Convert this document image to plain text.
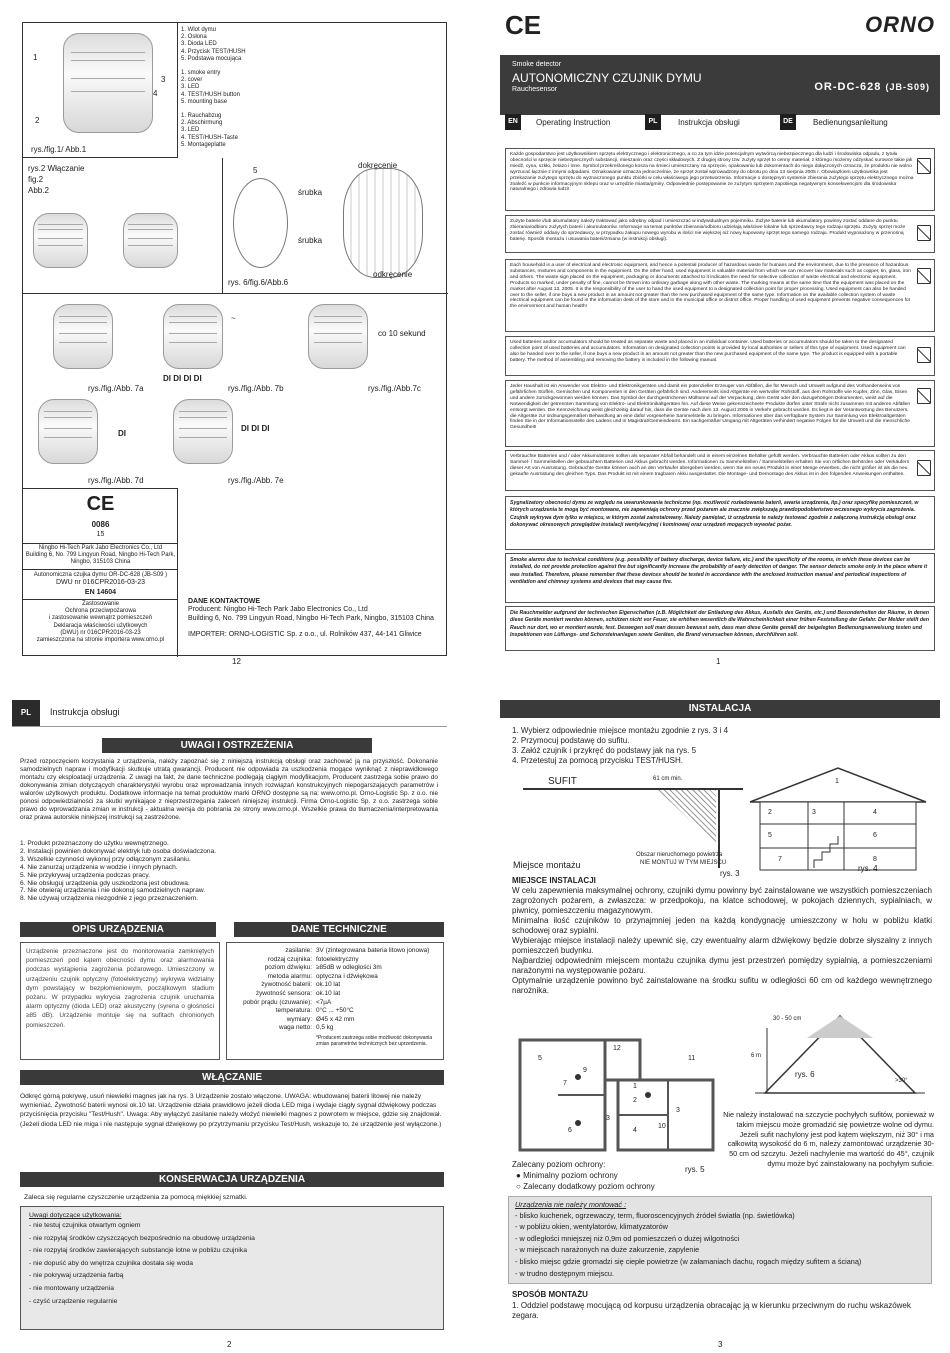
1
2
3
4
rys./fig.1/ Abb.1
1. Wlot dymu
2. Osłona
3. Dioda LED
4. Przycisk TEST/HUSH
5. Podstawa mocująca
1. smoke entry
2. cover
3. LED
4. TEST/HUSH button
5. mounting base
1. Rauchabzug
2. Abschirmung
3. LED
4. TEST/HUSH-Taste
5. Montageplatte
rys.2 Włączanie
fig.2
Abb.2
5
dokręcenie
śrubka
śrubka
odkręcenie
rys. 6/fig.6/Abb.6
rys./fig./Abb. 7a
DI DI DI DI
~
rys./fig./Abb. 7b
co 10 sekund
rys./fig./Abb.7c
DI
rys./fig./Abb. 7d
DI DI DI
rys./fig./Abb. 7e
CE
0086
15
Ningbo Hi-Tech Park Jabo Electronics Co., Ltd
Building 6, No. 799 Lingyun Road, Ningbo Hi-Tech Park,
Ningbo, 315103 China
Autonomiczna czujka dymu OR-DC-628 (JB-S09 )
DWU nr 016CPR2016-03-23
EN 14604
Zastosowanie
Ochrona przeciwpożarowa
i zastosowanie wewnątrz pomieszczeń
Deklaracja właściwości użytkowych
(DWU) nr 016CPR2016-03-23
zamieszczona na stronie importera www.orno.pl
DANE KONTAKTOWE
Producent: Ningbo Hi-Tech Park Jabo Electronics Co., Ltd
Building 6, No. 799 Lingyun Road, Ningbo Hi-Tech Park, Ningbo, 315103 China
IMPORTER: ORNO-LOGISTIC Sp. z o.o., ul. Rolników 437, 44-141 Gliwice
12
CE	ORNO
Smoke detector
AUTONOMICZNY CZUJNIK DYMU
Rauchesensor	OR-DC-628 (JB-S09)
EN	Operating Instruction	PL	Instrukcja obsługi	DE	Bedienungsanleitung
Każde gospodarstwo jest użytkownikiem sprzętu elektrycznego i elektronicznego, a co za tym idzie potencjalnym wytwórcą niebezpiecznego dla ludzi i środowiska odpadu, z tytułu obecności w sprzęcie niebezpiecznych substancji, mieszanin oraz części składowych. Z drugiej strony tzw. zużyty sprzęt to cenny materiał, z którego możemy odzyskać surowce takie jak miedź, cyna, szkło, żelazo i inne. Symbol przekreślonego kosza na śmieci umieszczany na sprzęcie, opakowaniu lub dokumentach do niego dołączonych oznacza, że produktu nie wolno wyrzucać łącznie z innymi odpadami. Oznakowanie oznacza jednocześnie, że sprzęt został wprowadzony do obrotu po dniu 13 sierpnia 2005 r. Obowiązkiem użytkownika jest przekazanie zużytego sprzętu do wyznaczonego punktu zbiórki w celu właściwego jego przetworzenia. Informacje o dostępnym systemie zbierania zużytego sprzętu elektrycznego można znaleźć w punkcie informacyjnym sklepu oraz w urzędzie miasta/gminy. Odpowiednie postępowanie ze zużytym sprzętem zapobiega negatywnym konsekwencjom dla środowiska naturalnego i zdrowia ludzi!
Zużyte baterie i/lub akumulatory należy traktować jako odrębny odpad i umieszczać w indywidualnym pojemniku. Zużyte baterie lub akumulatory powinny zostać oddane do punktu zbierania/odbioru zużytych baterii i akumulatorów. Informacje na temat punktów zbierania/odbioru udzielają właściwe lokalne lub sprzedawcy tego rodzaju sprzętu. Zużyty sprzęt może zostać również oddany do sprzedawcy, w przypadku zakupu nowego wyrobu w ilości nie większej niż nowy kupowany sprzęt tego samego rodzaju. Produkt wyposażony w przenośną baterię. Sposób montażu i usuwania baterii/zmiana (w instrukcji obsługi).
Each household is a user of electrical and electronic equipment, and hence a potential producer of hazardous waste for humans and the environment, due to the presence of hazardous substances, mixtures and components in the equipment. On the other hand, used equipment is valuable material from which we can recover raw materials such as copper, tin, glass, iron and others. The waste sign placed on the equipment, packaging or documents attached to it indicates the need for selective collection of waste electrical and electronic equipment. Products so marked, under penalty of fine, cannot be thrown into ordinary garbage along with other waste. The marking means at the same time that the equipment was placed on the market after August 13, 2005. It is the responsibility of the user to hand the used equipment to a designated collection point for proper processing. Used equipment can also be handed over to the seller, if one buys a new product in an amount not greater than the new purchased equipment of the same type. Information on the available collection system of waste electrical equipment can be found in the information desk of the store and in the municipal office or district office. Proper handling of used equipment prevents negative consequences for the environment and human health!
Used batteries and/or accumulators should be treated as separate waste and placed in an individual container. Used batteries or accumulators should be taken to the designated collection point of used batteries and accumulators. Information on designated collection points is provided by local authorities or sellers of this type of equipment. Used equipment can also be handed over to the seller, if one buys a new product in an amount not greater than the new purchased equipment of the same type. The product is equipped with a portable battery. The method of assembling and removing the battery is included in the following manual.
Jeder Haushalt ist ein Anwender von Elektro- und Elektronikgeräten und damit ein potenzieller Erzeuger von Abfällen, die für Mensch und Umwelt aufgrund des Vorhandenseins von gefährlichen Stoffen, Gemischen und Komponenten in den Geräten gefährlich sind. Andererseits sind Altgeräte ein wertvoller Rohstoff, aus dem Rohstoffe wie Kupfer, Zinn, Glas, Eisen und andere zurückgewonnen werden können. Das Symbol der durchgestrichenen Mülltonne auf der Verpackung, dem Gerät oder den dazugehörigen Dokumenten, weist auf die Notwendigkeit der getrennten Sammlung von Elektro- und Elektronikaltgeräten hin. Auf diese Weise gekennzeichnete Produkte dürfen unter Strafe nicht zusammen mit anderen Abfällen entsorgt werden. Die Kennzeichnung weist gleichzeitig darauf hin, dass die Geräte nach dem 13. August 2005 in Verkehr gebracht wurden. Es liegt in der Verantwortung des Benutzers, die Altgeräte zur ordnungsgemäßen Behandlung an eine dafür vorgesehene Sammelstelle zu bringen. Informationen über das verfügbare System zur Sammlung von Elektroaltgeräten finden Sie in der Informationsstelle des Ladens und in Magistrat/Gemeindeamt. Ein sachgemäßer Umgang mit Altgeräten verhindert negative Folgen für die Umwelt und die menschliche Gesundheit!
Verbrauchte Batterien und / oder Akkumulatoren sollten als separater Abfall behandelt und in einem einzelnen Behälter gefüllt werden. Verbrauchte Batterien oder Akkus sollten zu den Sammel- / Sammelstellen der gebrauchten Batterien und Akkus gebracht werden. Informationen zu Sammelstellen / Sammelstellen erhalten Sie von örtlichen Behörden oder Verkäufern dieser Art von Ausrüstung. Gebrauchte Geräte können auch an den Verkäufer übergeben werden, wenn Sie ein neues Produkt in einer Menge erwerben, die nicht größer ist als die neu gekaufte Ausrüstung des gleichen Typs. Das Produkt ist mit einem tragbaren Akku ausgestattet. Die Montage- und Demontage des Akkus ist in den folgenden Anweisungen enthalten.
Sygnalizatory obecności dymu ze względu na uwarunkowania techniczne (np. możliwość rozładowania baterii, awaria urządzenia, itp.) oraz specyfikę pomieszczeń, w których urządzenia te mogą być montowane, nie zapewniają ochrony przed pożarem ale znacznie zwiększają prawdopodobieństwo wczesnego wykrycia zagrożenia. Czujnik wykrywa dym tylko w miejscu, w którym został zainstalowany. Należy pamiętać, iż urządzenia te należy testować zgodnie z załączoną instrukcją obsługi oraz dokonywać okresowych przeglądów instalacji wentylacyjnej i kominowej oraz urządzeń mogących wywołać pożar.
Smoke alarms due to technical conditions (e.g. possibility of battery discharge, device failure, etc.) and the specificity of the rooms, in which these devices can be installed, do not provide protection against fire but significantly increase the probability of early detection of danger. The sensor detects smoke only in the place where it was installed. Therefore, please remember that these devices should be tested in accordance with the enclosed instruction manual and periodical inspections of ventilation and chimney systems and devices that may cause fire.
Die Rauchmelder aufgrund der technischen Eigenschaften (z.B. Möglichkeit der Entladung des Akkus, Ausfalls des Geräts, etc.) und Besonderheiten der Räume, in denen diese Geräte montiert werden können, schützen nicht vor Feuer, sie erhöhen wesentlich die Wahrscheinlichkeit einer frühen Feststellung der Gefahr. Der Melder stellt den Rauch nur dort, wo er montiert wurde, fest. Deswegen soll man dessen bewusst sein, dass man diese Geräte gemäß der beigelegten Bedienungsanweisung testen und Inspektionen von Lüftungs- und Schorsteinanlagen sowie Geräten, die Brand verursachen können, durchführen soll.
1
PL	Instrukcja obsługi
UWAGI I OSTRZEŻENIA
Przed rozpoczęciem korzystania z urządzenia, należy zapoznać się z niniejszą instrukcją obsługi oraz zachować ją na przyszłość. Dokonanie samodzielnych napraw i modyfikacji skutkuje utratą gwarancji. Producent nie odpowiada za uszkodzenia mogące wyniknąć z nieprawidłowego montażu czy eksploatacji urządzenia. Z uwagi na fakt, że dane techniczne podlegają ciągłym modyfikacjom, Producent zastrzega sobie prawo do dokonywania zmian dotyczących charakterystyki wyrobu oraz wprowadzania innych rozwiązań konstrukcyjnych niepogarszających parametrów i walorów użytkowych produktu. Dodatkowe informacje na temat produktów marki ORNO dostępne są na: www.orno.pl. Orno-Logistic Sp. z o.o. nie ponosi odpowiedzialności za skutki wynikające z nieprzestrzegania zaleceń niniejszej instrukcji. Firma Orno-Logistic Sp. z o.o. zastrzega sobie prawo do wprowadzania zmian w instrukcji - aktualna wersja do pobrania ze strony www.orno.pl. Wszelkie prawa do tłumaczenia/interpretowania oraz prawa autorskie niniejszej instrukcji są zastrzeżone.
1. Produkt przeznaczony do użytku wewnętrznego.
2. Instalacji powinien dokonywać elektryk lub osoba doświadczona.
3. Wszelkie czynności wykonuj przy odłączonym zasilaniu.
4. Nie zanurzaj urządzenia w wodzie i innych płynach.
5. Nie przykrywaj urządzenia podczas pracy.
6. Nie obsługuj urządzenia gdy uszkodzona jest obudowa.
7. Nie otwieraj urządzenia i nie dokonuj samodzielnych napraw.
8. Nie używaj urządzenia niezgodnie z jego przeznaczeniem.
OPIS URZĄDZENIA	DANE TECHNICZNE
Urządzenie przeznaczone jest do monitorowania zamkniętych pomieszczeń pod kątem obecności dymu oraz alarmowania podczas wystąpienia zagrożenia pożarowego. Umieszczony w urządzeniu czujnik optyczny (fotoelektryczny) wykrywa widzialny dym powstający w bezpłomieniowym, początkowym stadium pożaru. W przypadku wykrycia zagrożenia czujnik uruchamia alarm optyczny (dioda LED) oraz akustyczny (syrena o głośności ≥85 dB). Urządzenie montuje się na sufitach chronionych pomieszczeń.
zasilanie: 3V (zintegrowana bateria litowo jonowa)
rodzaj czujnika: fotoelektryczny
poziom dźwięku: ≥85dB w odległości 3m
metoda alarmu: optyczna i dźwiękowa
żywotność baterii: ok.10 lat
żywotność sensora: ok.10 lat
pobór prądu (czuwanie): <7µA
temperatura: 0°C ... +50°C
wymiary: Ø45 x 42 mm
waga netto: 0,5 kg
*Producent zastrzega sobie możliwość dokonywania zmian parametrów technicznych bez uprzedzenia.
WŁĄCZANIE
Odkręć górną pokrywę, usuń niewielki magnes jak na rys. 3 Urządzenie zostało włączone. UWAGA: wbudowanej baterii litowej nie należy wymieniać. Żywotność baterii wynosi ok.10 lat. Urządzenie działa prawidłowo jeżeli dioda LED miga i wydaje ciągły sygnał dźwiękowy podczas przyciśnięcia przycisku "Test/Hush". Uwaga: Aby wyłączyć zasilanie należy włożyć niewielki magnes z powrotem w miejsce, gdzie się znajdował. (Jeżeli dioda LED nie miga i nie następuje sygnał dźwiękowy po przytrzymaniu przycisku Test/Hush, wskazuje to, że urządzenie jest wyłączone.)
KONSERWACJA URZĄDZENIA
Zaleca się regularne czyszczenie urządzenia za pomocą miękkiej szmatki.
Uwagi dotyczące użytkowania:
- nie testuj czujnika otwartym ogniem
- nie rozpylaj środków czyszczących bezpośrednio na obudowę urządzenia
- nie rozpylaj środków zawierających substancje lotne w pobliżu czujnika
- nie dopuść aby do wnętrza czujnika dostała się woda
- nie pokrywaj urządzenia farbą
- nie montowany urządzenia
- czyść urządzenie regularnie
2
INSTALACJA
1. Wybierz odpowiednie miejsce montażu zgodnie z rys. 3 i 4
2. Przymocuj podstawę do sufitu.
3. Załóż czujnik i przykręć do podstawy jak na rys. 5
4. Przetestuj za pomocą przycisku TEST/HUSH.
SUFIT	61 cm min.
Obszar nieruchomego powietrza
NIE MONTUJ W TYM MIEJSCU
Miejsce montażu
rys. 3
1
2	3	4
5	6
7	8
rys. 4
MIEJSCE INSTALACJI
W celu zapewnienia maksymalnej ochrony, czujniki dymu powinny być zainstalowane we wszystkich pomieszczeniach zagrożonych pożarem, a zwłaszcza: w przedpokoju, na klatce schodowej, w pokojach dziennych, sypialniach, w piwnicy, pomieszczeniu magazynowym.
Minimalna ilość czujników to przynajmniej jeden na każdą kondygnację umieszczony w holu w pobliżu klatki schodowej oraz sypialni.
Wybierając miejsce instalacji należy upewnić się, czy ewentualny alarm dźwiękowy będzie dobrze słyszalny z innych pomieszczeń budynku.
Najbardziej odpowiednim miejscem montażu czujnika dymu jest przestrzeń pomiędzy sypialnią, a pomieszczeniami narażonymi na występowanie pożaru.
Optymalnie urządzenie powinno być zainstalowane na środku sufitu w odległości 60 cm od każdego wewnętrznego narożnika.
12
5
9
11
7	1
2
3
10
4
6
3
rys. 5
30 - 50 cm
6 m
rys. 6
>30°
Nie należy instalować na szczycie pochyłych sufitów, ponieważ w takim miejscu może gromadzić się powietrze wolne od dymu. Jeżeli sufit nachylony jest pod kątem większym, niż 30° i ma całkowitą wysokość do 6 m, należy zamontować urządzenie 30-50 cm od szczytu. Jeżeli nachylenie ma wartość do 45°, czujnik dymu może być zainstalowany na pochyłym suficie.
Zalecany poziom ochrony:
● Minimalny poziom ochrony
○ Zalecany dodatkowy poziom ochrony
Urządzenia nie należy montować :
- blisko kuchenek, ogrzewaczy, term, fluoroscencyjnych źródeł światła (np. świetlówka)
- w pobliżu okien, wentylatorów, klimatyzatorów
- w odległości mniejszej niż 0,9m od pomieszczeń o dużej wilgotności
- w miejscach narażonych na duże zakurzenie, zapylenie
- blisko miejsc gdzie gromadzi się ciepłe powietrze (w załamaniach dachu, rogach między sufitem a ścianą)
- w trudno dostępnym miejscu.
SPOSÓB MONTAŻU
1. Oddziel podstawę mocującą od korpusu urządzenia obracając ją w kierunku przeciwnym do ruchu wskazówek zegara.
3
